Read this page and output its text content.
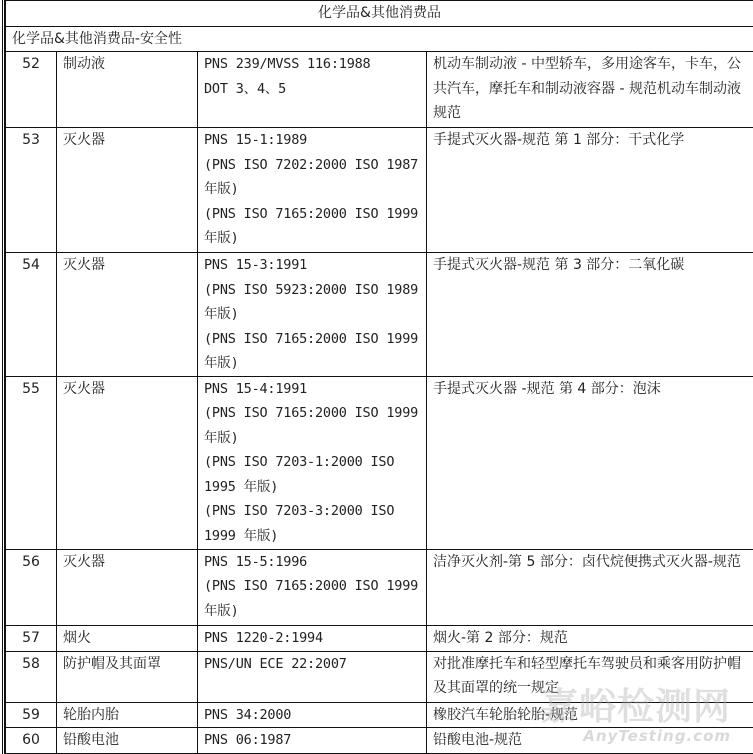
化学品&其他消费品			
化学品&其他消费品-安全性			
52	制动液	PNS 239/MVSS 116:1988
DOT 3、4、5	机动车制动液 - 中型轿车，多用途客车，卡车，公共汽车，摩托车和制动液容器 - 规范机动车制动液规范
53	灭火器	PNS 15-1:1989
(PNS ISO 7202:2000 ISO 1987
年版)
(PNS ISO 7165:2000 ISO 1999
年版)	手提式灭火器-规范 第 1 部分：干式化学
54	灭火器	PNS 15-3:1991
(PNS ISO 5923:2000 ISO 1989
年版)
(PNS ISO 7165:2000 ISO 1999
年版)	手提式灭火器-规范 第 3 部分：二氧化碳
55	灭火器	PNS 15-4:1991
(PNS ISO 7165:2000 ISO 1999
年版)
(PNS ISO 7203-1:2000 ISO
1995 年版)
(PNS ISO 7203-3:2000 ISO
1999 年版)
	手提式灭火器 -规范 第 4 部分：泡沫
56	灭火器	PNS 15-5:1996
(PNS ISO 7165:2000 ISO 1999
年版)	洁净灭火剂-第 5 部分：卤代烷便携式灭火器-规范
57	烟火	PNS 1220-2:1994	烟火-第 2 部分：规范
58	防护帽及其面罩	PNS/UN ECE 22:2007	对批准摩托车和轻型摩托车驾驶员和乘客用防护帽及其面罩的统一规定
59	轮胎内胎	PNS 34:2000	橡胶汽车轮胎轮胎-规范
60	铅酸电池	PNS 06:1987	铅酸电池-规范
嘉峪检测网
AnyTesting.com
